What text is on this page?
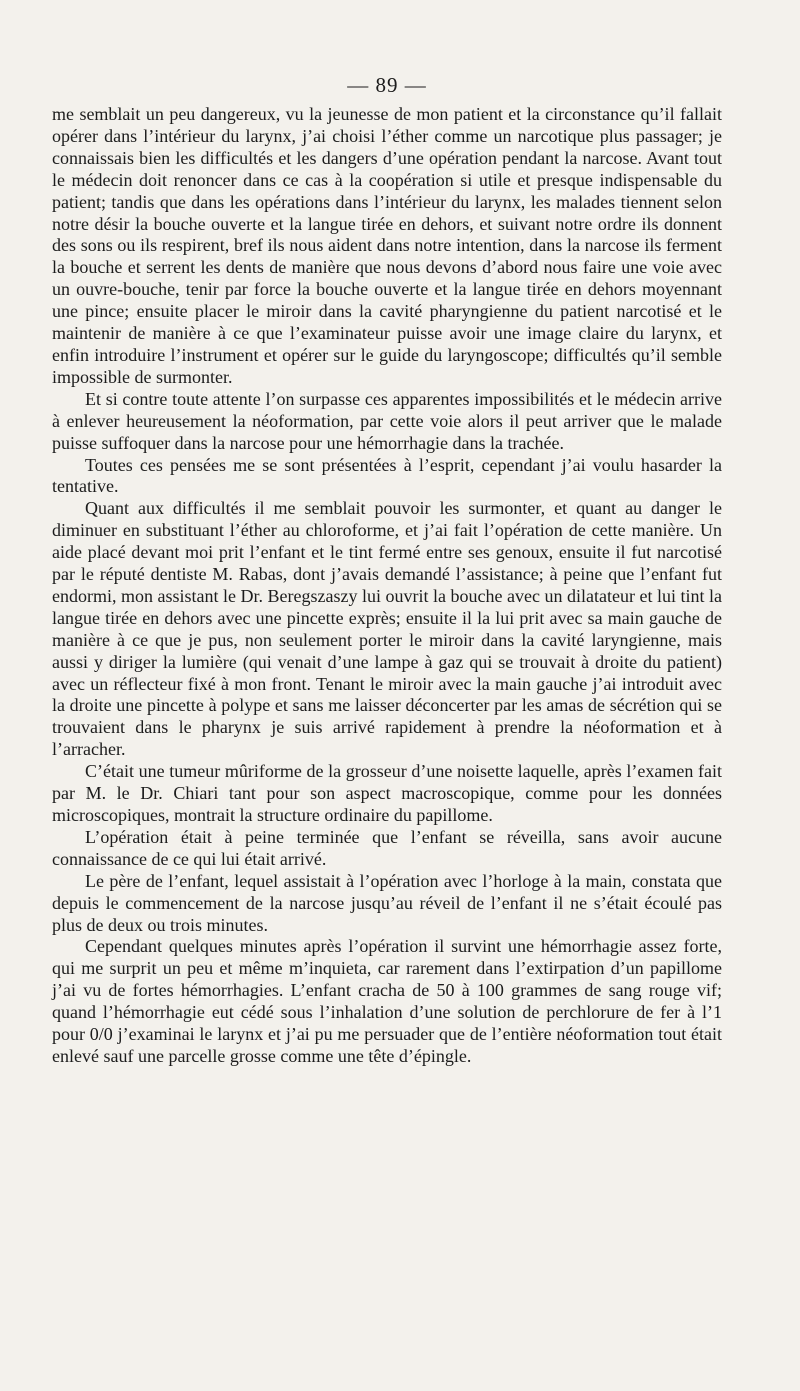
— 89 —

me semblait un peu dangereux, vu la jeunesse de mon patient et la circonstance qu’il fallait opérer dans l’intérieur du larynx, j’ai choisi l’éther comme un narcotique plus passager; je connaissais bien les difficultés et les dangers d’une opération pendant la narcose. Avant tout le médecin doit renoncer dans ce cas à la coopération si utile et presque indispensable du patient; tandis que dans les opérations dans l’intérieur du larynx, les malades tiennent selon notre désir la bouche ouverte et la langue tirée en dehors, et suivant notre ordre ils donnent des sons ou ils respirent, bref ils nous aident dans notre intention, dans la narcose ils ferment la bouche et serrent les dents de manière que nous devons d’abord nous faire une voie avec un ouvre-bouche, tenir par force la bouche ouverte et la langue tirée en dehors moyennant une pince; ensuite placer le miroir dans la cavité pharyngienne du patient narcotisé et le maintenir de manière à ce que l’examinateur puisse avoir une image claire du larynx, et enfin introduire l’instrument et opérer sur le guide du laryngoscope; difficultés qu’il semble impossible de surmonter.

Et si contre toute attente l’on surpasse ces apparentes impossibilités et le médecin arrive à enlever heureusement la néoformation, par cette voie alors il peut arriver que le malade puisse suffoquer dans la narcose pour une hémorrhagie dans la trachée.

Toutes ces pensées me se sont présentées à l’esprit, cependant j’ai voulu hasarder la tentative.

Quant aux difficultés il me semblait pouvoir les surmonter, et quant au danger le diminuer en substituant l’éther au chloroforme, et j’ai fait l’opération de cette manière. Un aide placé devant moi prit l’enfant et le tint fermé entre ses genoux, ensuite il fut narcotisé par le réputé dentiste M. Rabas, dont j’avais demandé l’assistance; à peine que l’enfant fut endormi, mon assistant le Dr. Beregszaszy lui ouvrit la bouche avec un dilatateur et lui tint la langue tirée en dehors avec une pincette exprès; ensuite il la lui prit avec sa main gauche de manière à ce que je pus, non seulement porter le miroir dans la cavité laryngienne, mais aussi y diriger la lumière (qui venait d’une lampe à gaz qui se trouvait à droite du patient) avec un réflecteur fixé à mon front. Tenant le miroir avec la main gauche j’ai introduit avec la droite une pincette à polype et sans me laisser déconcerter par les amas de sécrétion qui se trouvaient dans le pharynx je suis arrivé rapidement à prendre la néoformation et à l’arracher.

C’était une tumeur mûriforme de la grosseur d’une noisette laquelle, après l’examen fait par M. le Dr. Chiari tant pour son aspect macroscopique, comme pour les données microscopiques, montrait la structure ordinaire du papillome.

L’opération était à peine terminée que l’enfant se réveilla, sans avoir aucune connaissance de ce qui lui était arrivé.

Le père de l’enfant, lequel assistait à l’opération avec l’horloge à la main, constata que depuis le commencement de la narcose jusqu’au réveil de l’enfant il ne s’était écoulé pas plus de deux ou trois minutes.

Cependant quelques minutes après l’opération il survint une hémorrhagie assez forte, qui me surprit un peu et même m’inquieta, car rarement dans l’extirpation d’un papillome j’ai vu de fortes hémorrhagies. L’enfant cracha de 50 à 100 grammes de sang rouge vif; quand l’hémorrhagie eut cédé sous l’inhalation d’une solution de perchlorure de fer à l’1 pour 0/0 j’examinai le larynx et j’ai pu me persuader que de l’entière néoformation tout était enlevé sauf une parcelle grosse comme une tête d’épingle.
